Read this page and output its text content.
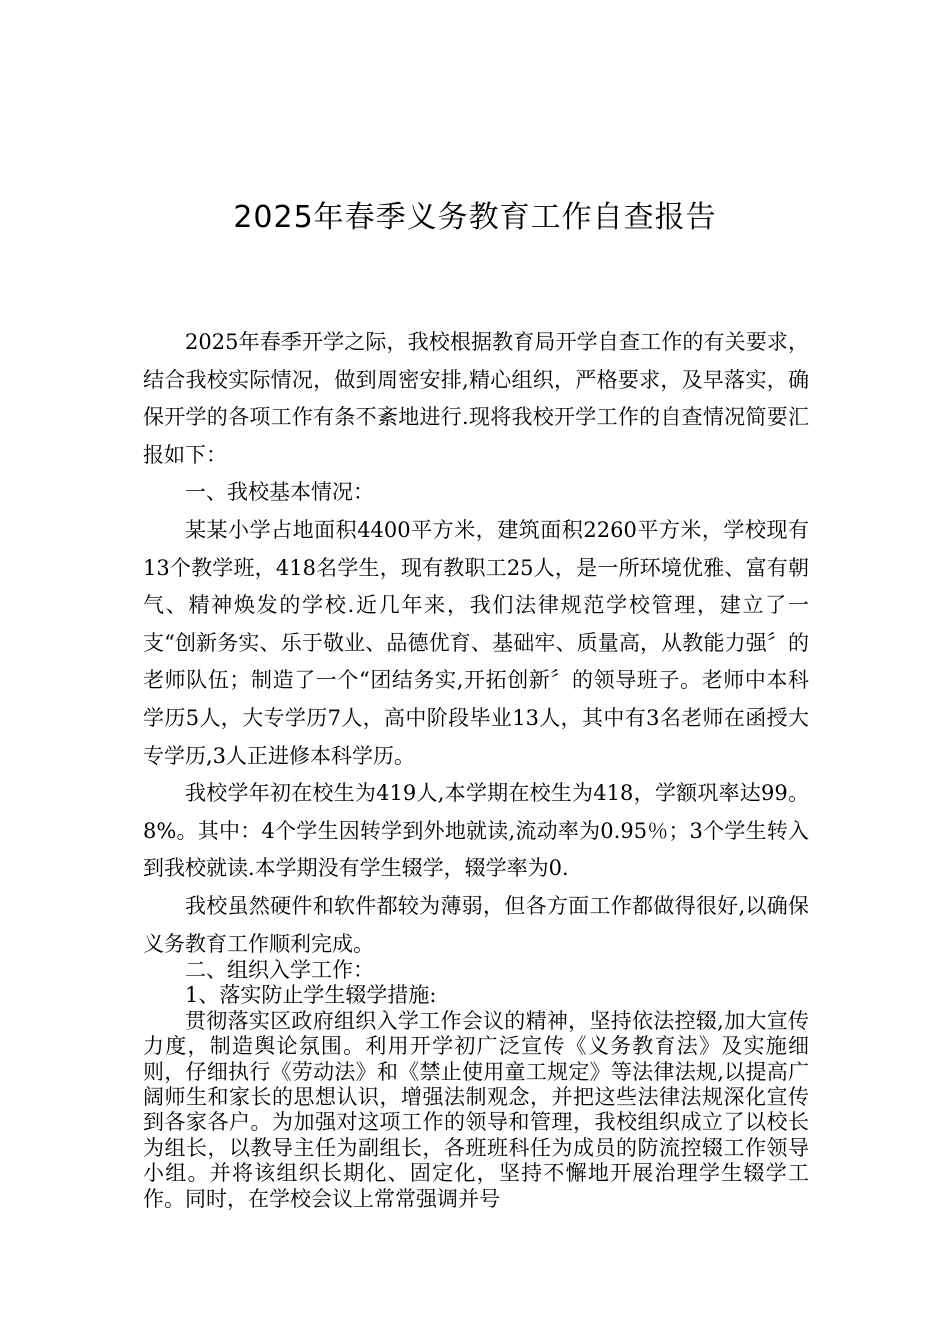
2025年春季义务教育工作自查报告

2025年春季开学之际，我校根据教育局开学自查工作的有关要求，结合我校实际情况，做到周密安排,精心组织，严格要求，及早落实，确保开学的各项工作有条不紊地进行.现将我校开学工作的自查情况简要汇报如下：

一、我校基本情况：

某某小学占地面积4400平方米，建筑面积2260平方米，学校现有13个教学班，418名学生，现有教职工25人，是一所环境优雅、富有朝气、精神焕发的学校.近几年来，我们法律规范学校管理，建立了一支“创新务实、乐于敬业、品德优育、基础牢、质量高，从教能力强〞的老师队伍；制造了一个“团结务实,开拓创新〞的领导班子。老师中本科学历5人，大专学历7人，高中阶段毕业13人，其中有3名老师在函授大专学历,3人正进修本科学历。

我校学年初在校生为419人,本学期在校生为418，学额巩率达99。8%。其中：4个学生因转学到外地就读,流动率为0.95％；3个学生转入到我校就读.本学期没有学生辍学，辍学率为0.

我校虽然硬件和软件都较为薄弱，但各方面工作都做得很好,以确保义务教育工作顺利完成。

二、组织入学工作：

1、落实防止学生辍学措施:

贯彻落实区政府组织入学工作会议的精神，坚持依法控辍,加大宣传力度，制造舆论氛围。利用开学初广泛宣传《义务教育法》及实施细则，仔细执行《劳动法》和《禁止使用童工规定》等法律法规,以提高广阔师生和家长的思想认识，增强法制观念，并把这些法律法规深化宣传到各家各户。为加强对这项工作的领导和管理，我校组织成立了以校长为组长，以教导主任为副组长，各班班科任为成员的防流控辍工作领导小组。并将该组织长期化、固定化，坚持不懈地开展治理学生辍学工作。同时，在学校会议上常常强调并号
